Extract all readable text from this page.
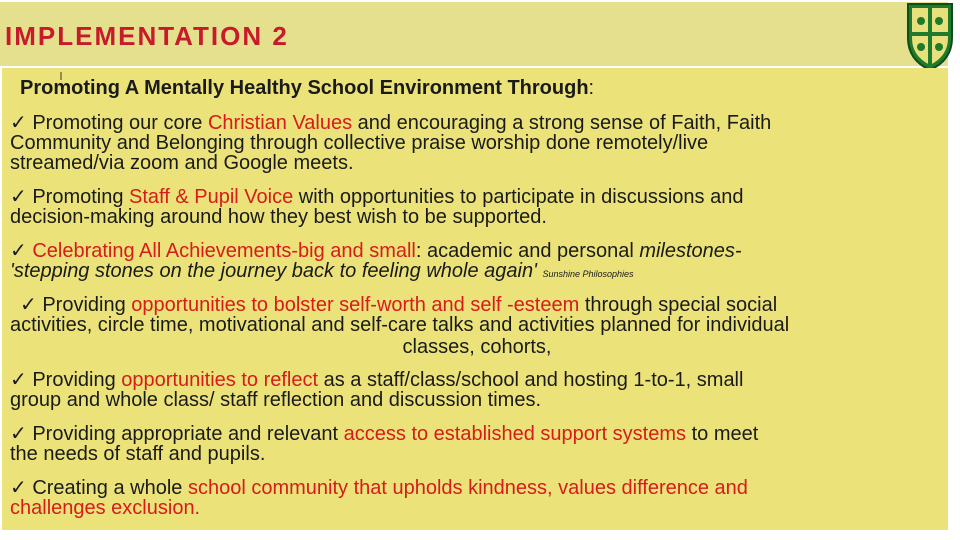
IMPLEMENTATION 2
Promoting A Mentally Healthy School Environment Through:
✓ Promoting our core Christian Values and encouraging a strong sense of Faith, Faith
Community and Belonging through collective praise worship done remotely/live
streamed/via zoom and Google meets.
✓ Promoting Staff & Pupil Voice with opportunities to participate in discussions and
decision-making around how they best wish to be supported.
✓ Celebrating All Achievements-big and small: academic and personal milestones-
'stepping stones on the journey back to feeling whole again' Sunshine Philosophies
✓ Providing opportunities to bolster self-worth and self -esteem through special social
activities, circle time, motivational and self-care talks and activities planned for individual
classes, cohorts,
✓ Providing opportunities to reflect as a staff/class/school and hosting 1-to-1, small
group and whole class/ staff reflection and discussion times.
✓ Providing appropriate and relevant access to established support systems to meet
the needs of staff and pupils.
✓ Creating a whole school community that upholds kindness, values difference and
challenges exclusion.
